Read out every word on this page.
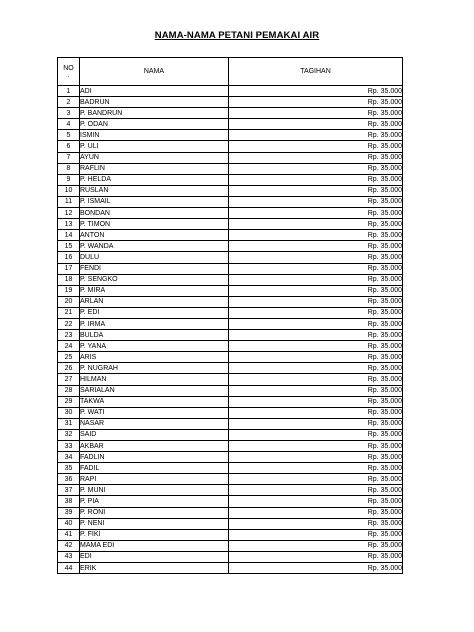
NAMA-NAMA PETANI PEMAKAI AIR
NO
.	NAMA	TAGIHAN
1	ADI	Rp. 35.000
2	BADRUN	Rp. 35.000
3	P. BANDRUN	Rp. 35.000
4	P. ODAN	Rp. 35.000
5	ISMIN	Rp. 35.000
6	P. ULI	Rp. 35.000
7	AYUN	Rp. 35.000
8	RAFLIN	Rp. 35.000
9	P. HELDA	Rp. 35.000
10	RUSLAN	Rp. 35.000
11	P. ISMAIL	Rp. 35.000
12	BONDAN	Rp. 35.000
13	P. TIMON	Rp. 35.000
14	ANTON	Rp. 35.000
15	P. WANDA	Rp. 35.000
16	DULU	Rp. 35.000
17	FENDI	Rp. 35.000
18	P. SENGKO	Rp. 35.000
19	P. MIRA	Rp. 35.000
20	ARLAN	Rp. 35.000
21	P. EDI	Rp. 35.000
22	P. IRMA	Rp. 35.000
23	BULDA	Rp. 35.000
24	P. YANA	Rp. 35.000
25	ARIS	Rp. 35.000
26	P. NUGRAH	Rp. 35.000
27	HILMAN	Rp. 35.000
28	SARIALAN	Rp. 35.000
29	TAKWA	Rp. 35.000
30	P. WATI	Rp. 35.000
31	NASAR	Rp. 35.000
32	SAID	Rp. 35.000
33	AKBAR	Rp. 35.000
34	FADLIN	Rp. 35.000
35	FADIL	Rp. 35.000
36	RAPI	Rp. 35.000
37	P. MUNI	Rp. 35.000
38	P. PIA	Rp. 35.000
39	P. RONI	Rp. 35.000
40	P. NENI	Rp. 35.000
41	P. FIKI	Rp. 35.000
42	MAMA EDI	Rp. 35.000
43	EDI	Rp. 35.000
44	ERIK	Rp. 35.000
